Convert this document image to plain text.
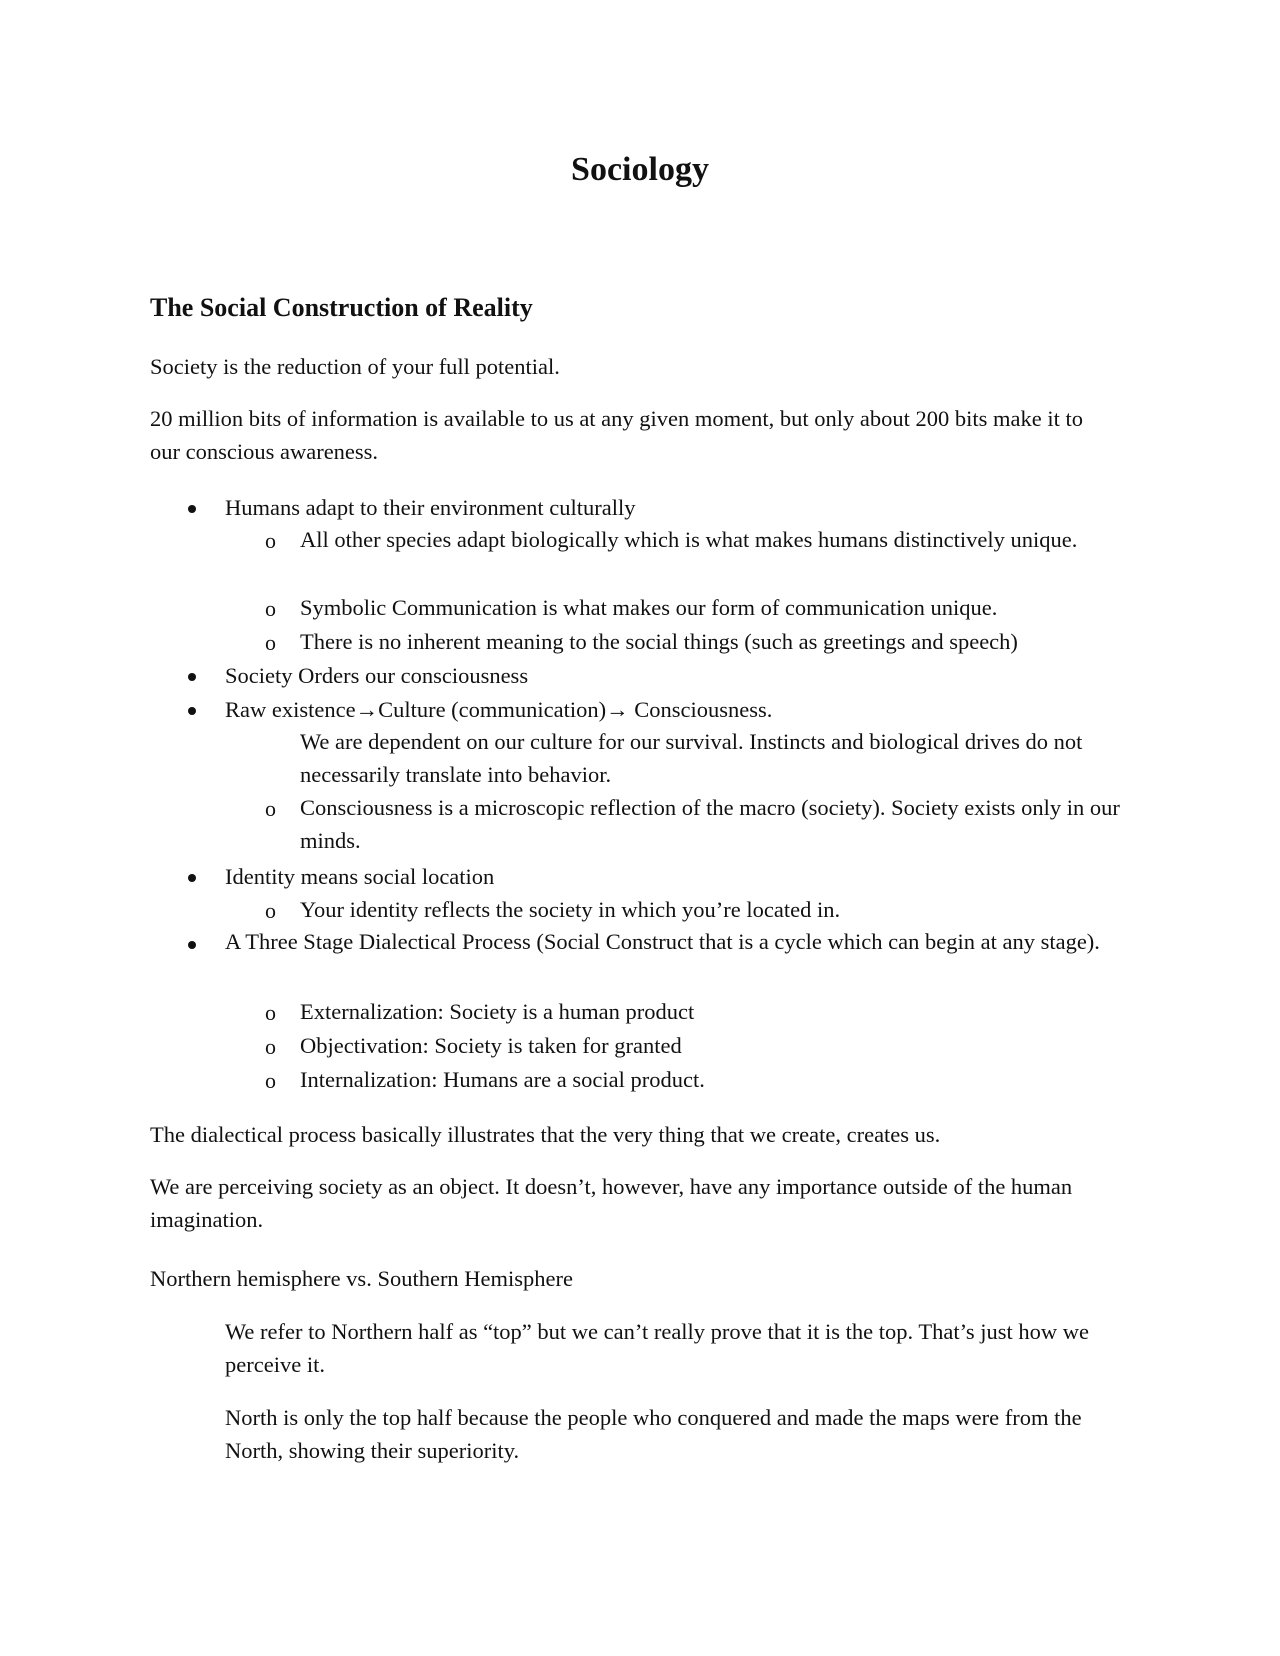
Sociology
The Social Construction of Reality

Society is the reduction of your full potential.

20 million bits of information is available to us at any given moment, but only about 200 bits make it to our conscious awareness.

Humans adapt to their environment culturally

o All other species adapt biologically which is what makes humans distinctively unique.

o Symbolic Communication is what makes our form of communication unique.

o There is no inherent meaning to the social things (such as greetings and speech)

Society Orders our consciousness

Raw existence→Culture (communication)→ Consciousness.

We are dependent on our culture for our survival. Instincts and biological drives do not necessarily translate into behavior.

o Consciousness is a microscopic reflection of the macro (society). Society exists only in our minds.

Identity means social location

o Your identity reflects the society in which you’re located in.

A Three Stage Dialectical Process (Social Construct that is a cycle which can begin at any stage).

o Externalization: Society is a human product

o Objectivation: Society is taken for granted

o Internalization: Humans are a social product.

The dialectical process basically illustrates that the very thing that we create, creates us.

We are perceiving society as an object. It doesn’t, however, have any importance outside of the human imagination.

Northern hemisphere vs. Southern Hemisphere

We refer to Northern half as “top” but we can’t really prove that it is the top. That’s just how we perceive it.

North is only the top half because the people who conquered and made the maps were from the North, showing their superiority.
